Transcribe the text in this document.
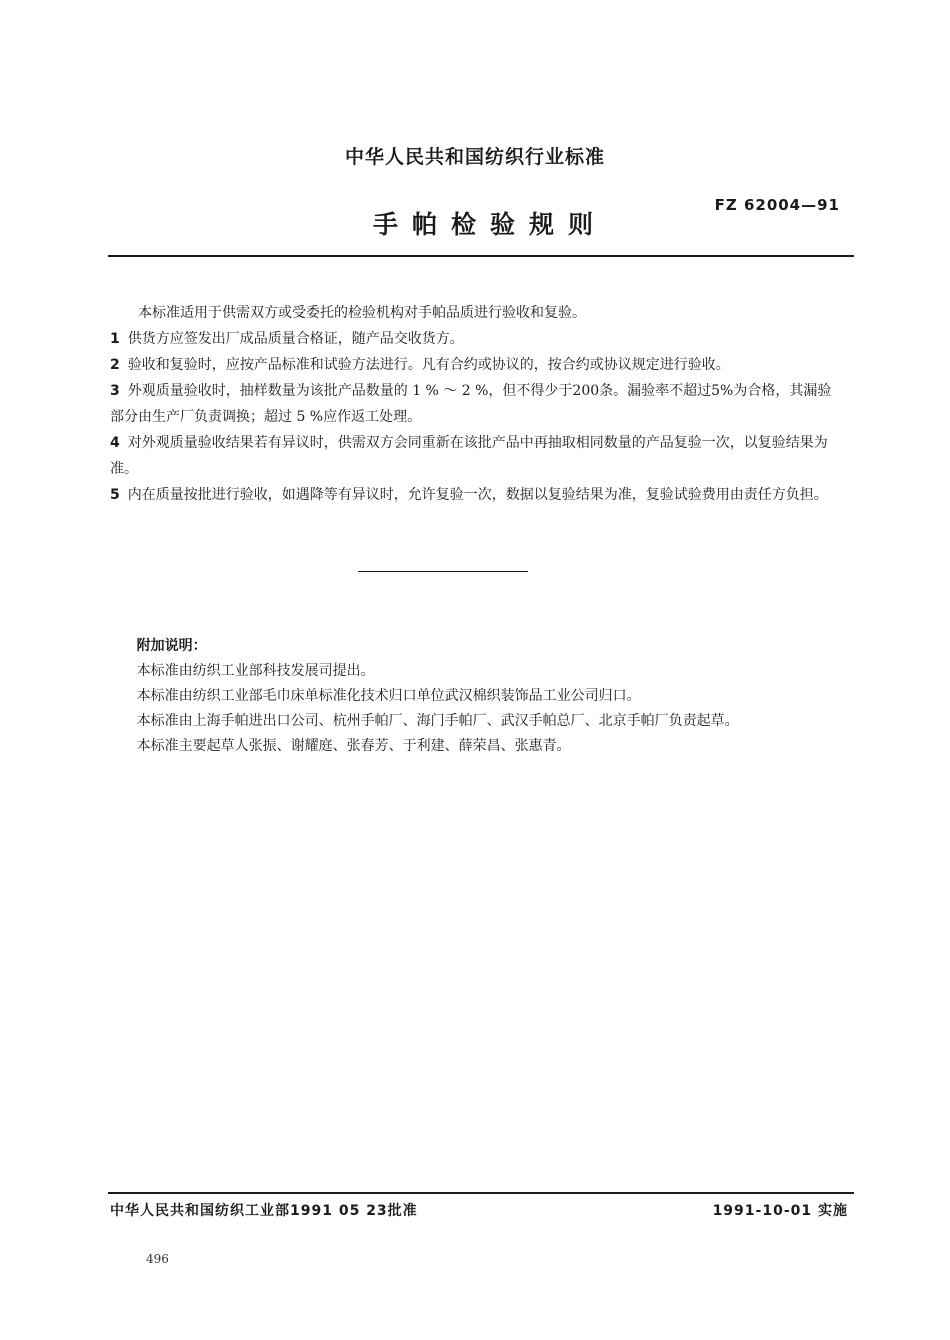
中华人民共和国纺织行业标准
手帕检验规则
FZ 62004—91

本标准适用于供需双方或受委托的检验机构对手帕品质进行验收和复验。

1 供货方应签发出厂成品质量合格证，随产品交收货方。

2 验收和复验时，应按产品标准和试验方法进行。凡有合约或协议的，按合约或协议规定进行验收。

3 外观质量验收时，抽样数量为该批产品数量的 1 % ～ 2 %，但不得少于200条。漏验率不超过5%为合格，其漏验部分由生产厂负责调换；超过 5 %应作返工处理。

4 对外观质量验收结果若有异议时，供需双方会同重新在该批产品中再抽取相同数量的产品复验一次，以复验结果为准。

5 内在质量按批进行验收，如遇降等有异议时，允许复验一次，数据以复验结果为准，复验试验费用由责任方负担。

附加说明：

本标准由纺织工业部科技发展司提出。

本标准由纺织工业部毛巾床单标准化技术归口单位武汉棉织装饰品工业公司归口。

本标准由上海手帕进出口公司、杭州手帕厂、海门手帕厂、武汉手帕总厂、北京手帕厂负责起草。

本标准主要起草人张振、谢耀庭、张春芳、于利建、薛荣昌、张惠青。

中华人民共和国纺织工业部1991 05 23批准	1991-10-01 实施
496
